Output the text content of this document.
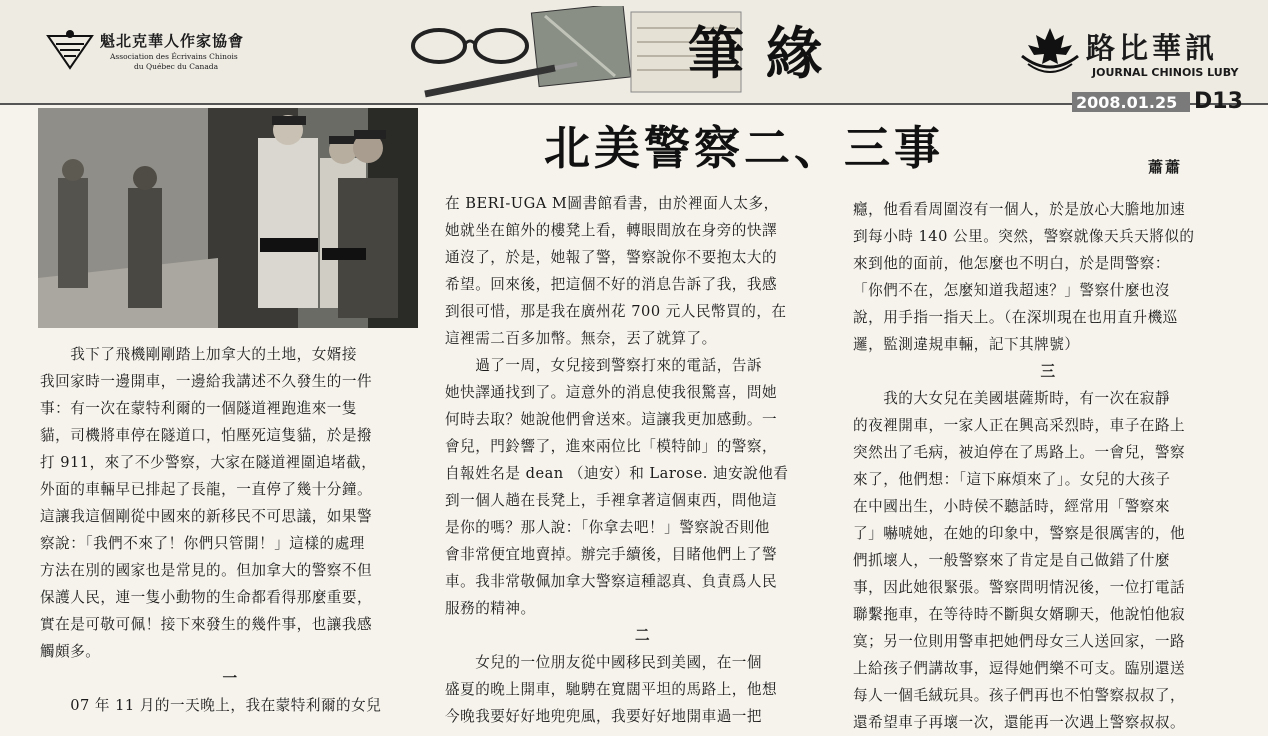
魁北克華人作家協會
Association des Écrivains Chinois
du Québec du Canada	筆緣	路比華訊
JOURNAL CHINOIS LUBY
2008.01.25 D13
北美警察二、三事	蕭蕭
　　我下了飛機剛剛踏上加拿大的土地，女婿接
我回家時一邊開車，一邊給我講述不久發生的一件
事：有一次在蒙特利爾的一個隧道裡跑進來一隻
貓，司機將車停在隧道口，怕壓死這隻貓，於是撥
打 911，來了不少警察，大家在隧道裡圍追堵截，
外面的車輛早已排起了長龍，一直停了幾十分鐘。
這讓我這個剛從中國來的新移民不可思議，如果警
察說：「我們不來了！你們只管開！」這樣的處理
方法在別的國家也是常見的。但加拿大的警察不但
保護人民，連一隻小動物的生命都看得那麼重要，
實在是可敬可佩！接下來發生的幾件事，也讓我感
觸頗多。
一
　　07 年 11 月的一天晚上，我在蒙特利爾的女兒
在 BERI-UGA M圖書館看書，由於裡面人太多，
她就坐在館外的樓凳上看，轉眼間放在身旁的快譯
通沒了，於是，她報了警，警察說你不要抱太大的
希望。回來後，把這個不好的消息告訴了我，我感
到很可惜，那是我在廣州花 700 元人民幣買的，在
這裡需二百多加幣。無奈，丟了就算了。
　　過了一周，女兒接到警察打來的電話，告訴
她快譯通找到了。這意外的消息使我很驚喜，問她
何時去取？她說他們會送來。這讓我更加感動。一
會兒，門鈴響了，進來兩位比「模特帥」的警察，
自報姓名是 dean （迪安）和 Larose. 迪安說他看
到一個人趟在長凳上，手裡拿著這個東西，問他這
是你的嗎？那人說：「你拿去吧！」警察說否則他
會非常便宜地賣掉。辦完手續後，目睹他們上了警
車。我非常敬佩加拿大警察這種認真、負責爲人民
服務的精神。
二
　　女兒的一位朋友從中國移民到美國，在一個
盛夏的晚上開車，馳騁在寬闊平坦的馬路上，他想
今晚我要好好地兜兜風，我要好好地開車過一把
癮，他看看周圍沒有一個人，於是放心大膽地加速
到每小時 140 公里。突然，警察就像天兵天將似的
來到他的面前，他怎麼也不明白，於是問警察：
「你們不在，怎麼知道我超速？」警察什麼也沒
說，用手指一指天上。（在深圳現在也用直升機巡
邏，監測違規車輛，記下其牌號）
三
　　我的大女兒在美國堪薩斯時，有一次在寂靜
的夜裡開車，一家人正在興高采烈時，車子在路上
突然出了毛病，被迫停在了馬路上。一會兒，警察
來了，他們想：「這下麻煩來了」。女兒的大孩子
在中國出生，小時侯不聽話時，經常用「警察來
了」嚇唬她，在她的印象中，警察是很厲害的，他
們抓壞人，一般警察來了肯定是自己做錯了什麼
事，因此她很緊張。警察問明情況後，一位打電話
聯繫拖車，在等待時不斷與女婿聊天，他說怕他寂
寞；另一位則用警車把她們母女三人送回家，一路
上給孩子們講故事，逗得她們樂不可支。臨別還送
每人一個毛絨玩具。孩子們再也不怕警察叔叔了，
還希望車子再壞一次，還能再一次遇上警察叔叔。
